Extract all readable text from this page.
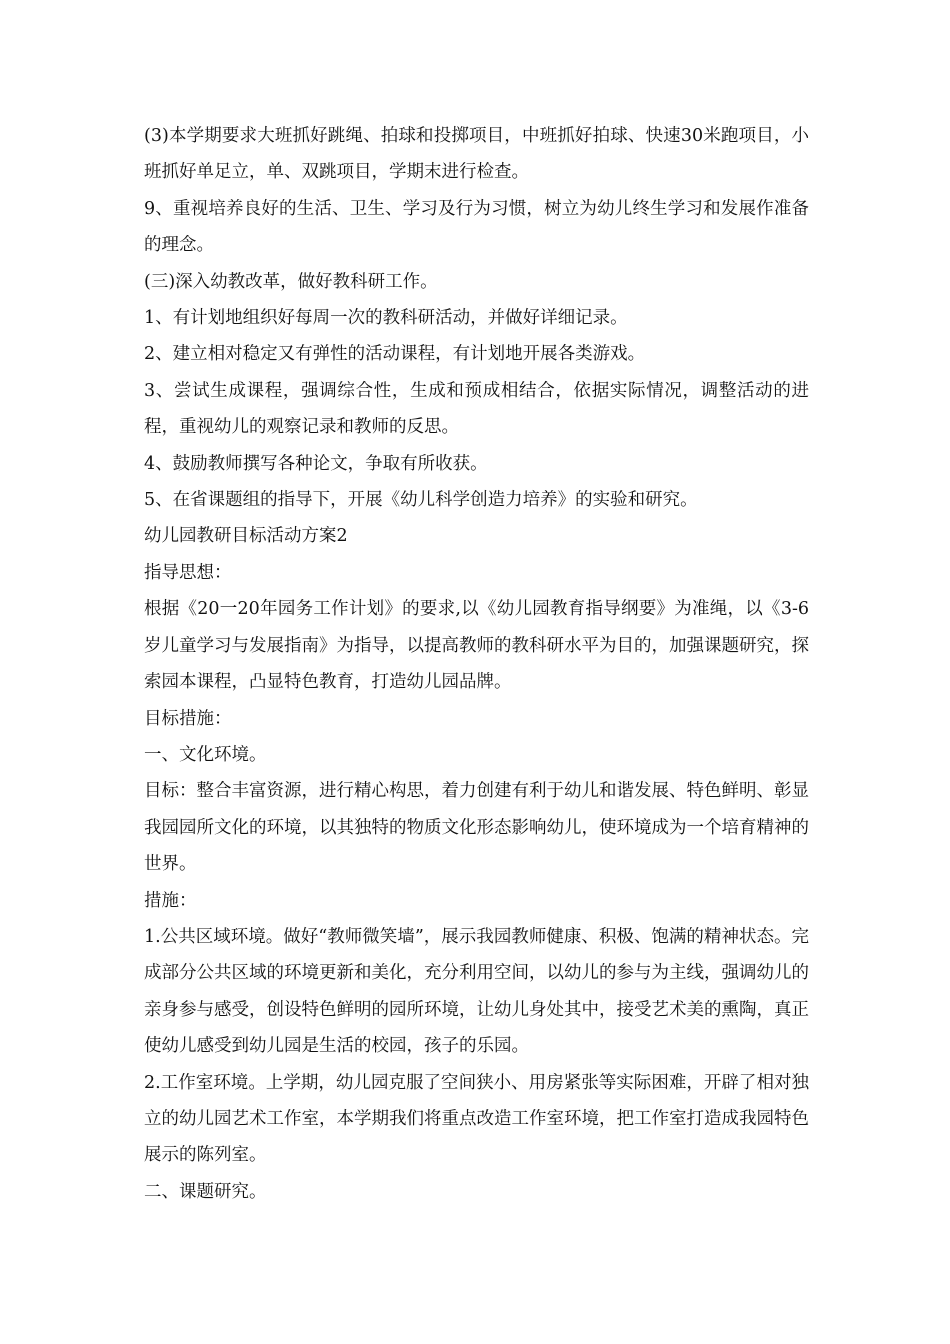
(3)本学期要求大班抓好跳绳、拍球和投掷项目，中班抓好拍球、快速30米跑项目，小班抓好单足立，单、双跳项目，学期末进行检查。

9、重视培养良好的生活、卫生、学习及行为习惯，树立为幼儿终生学习和发展作准备的理念。

(三)深入幼教改革，做好教科研工作。

1、有计划地组织好每周一次的教科研活动，并做好详细记录。

2、建立相对稳定又有弹性的活动课程，有计划地开展各类游戏。

3、尝试生成课程，强调综合性，生成和预成相结合，依据实际情况，调整活动的进程，重视幼儿的观察记录和教师的反思。

4、鼓励教师撰写各种论文，争取有所收获。

5、在省课题组的指导下，开展《幼儿科学创造力培养》的实验和研究。

幼儿园教研目标活动方案2

指导思想：

根据《20一20年园务工作计划》的要求,以《幼儿园教育指导纲要》为准绳，以《3-6岁儿童学习与发展指南》为指导，以提高教师的教科研水平为目的，加强课题研究，探索园本课程，凸显特色教育，打造幼儿园品牌。

目标措施：

一、文化环境。

目标：整合丰富资源，进行精心构思，着力创建有利于幼儿和谐发展、特色鲜明、彰显我园园所文化的环境，以其独特的物质文化形态影响幼儿，使环境成为一个培育精神的世界。

措施：

1.公共区域环境。做好“教师微笑墙”，展示我园教师健康、积极、饱满的精神状态。完成部分公共区域的环境更新和美化，充分利用空间，以幼儿的参与为主线，强调幼儿的亲身参与感受，创设特色鲜明的园所环境，让幼儿身处其中，接受艺术美的熏陶，真正使幼儿感受到幼儿园是生活的校园，孩子的乐园。

2.工作室环境。上学期，幼儿园克服了空间狭小、用房紧张等实际困难，开辟了相对独立的幼儿园艺术工作室，本学期我们将重点改造工作室环境，把工作室打造成我园特色展示的陈列室。

二、课题研究。
